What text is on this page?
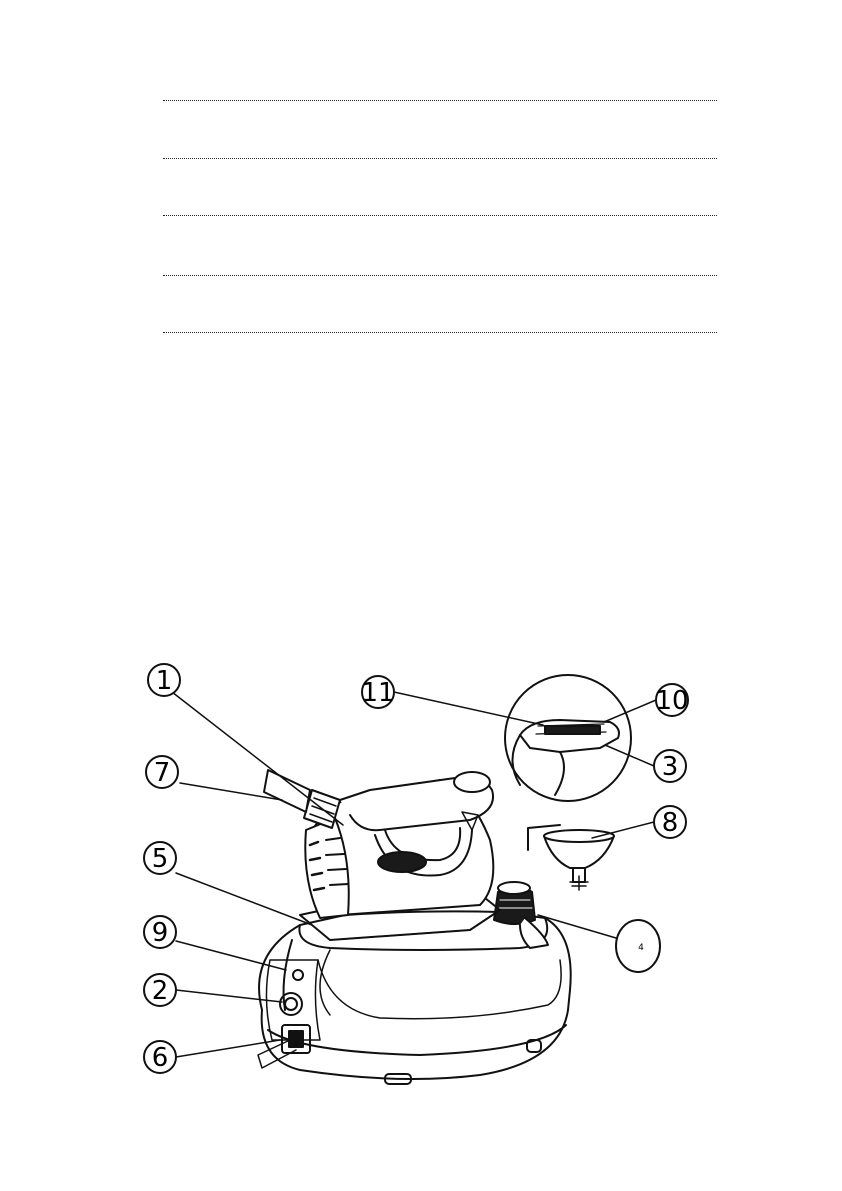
1	11	10
7	3
8
5
9	4
2
6
